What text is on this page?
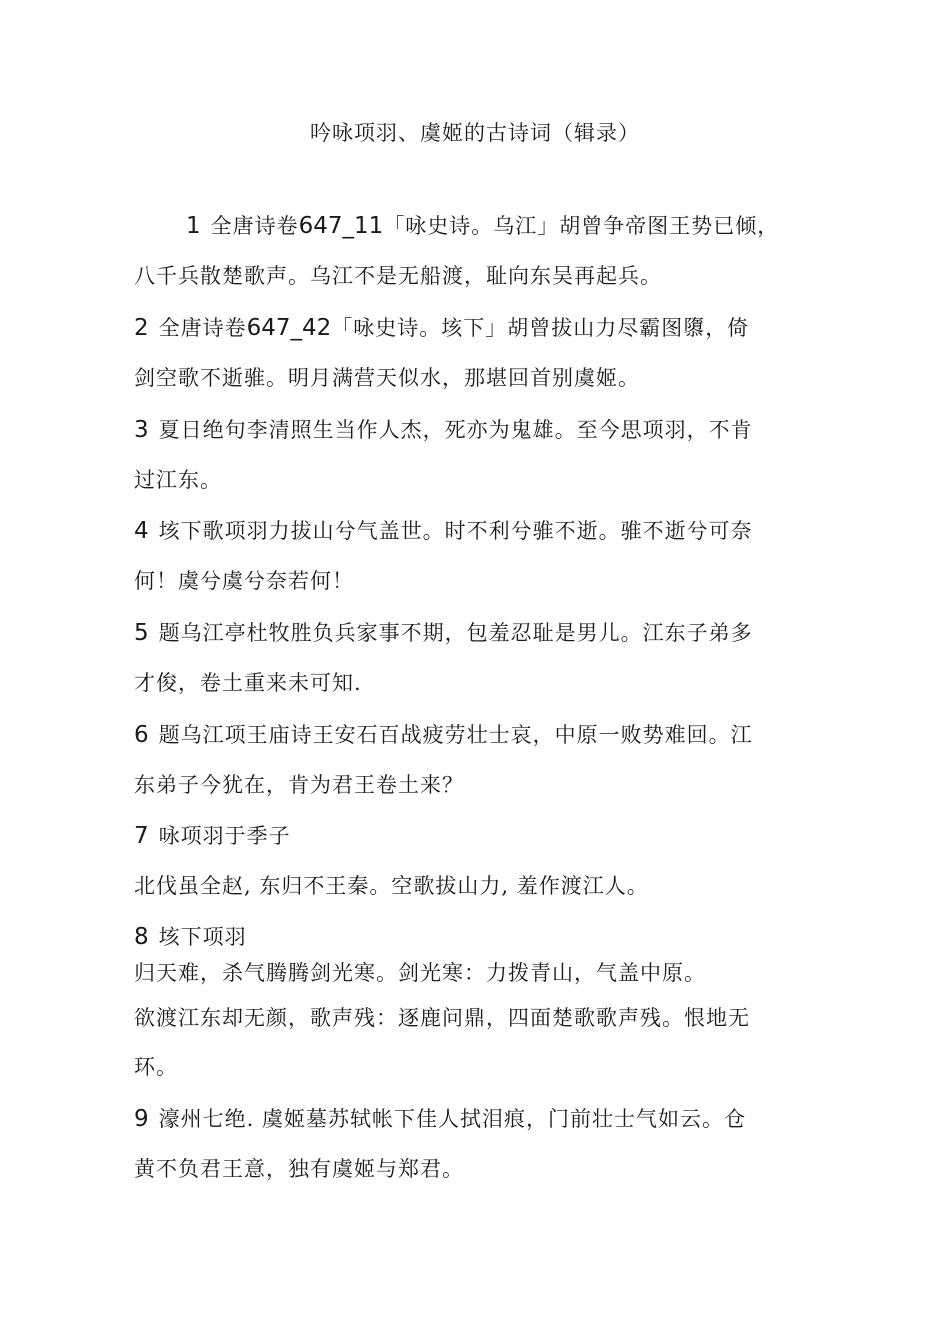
吟咏项羽、虞姬的古诗词（辑录）
1 全唐诗卷647_11「咏史诗。乌江」胡曾争帝图王势已倾，
八千兵散楚歌声。乌江不是无船渡，耻向东吴再起兵。
2 全唐诗卷647_42「咏史诗。垓下」胡曾拔山力尽霸图隳，倚
剑空歌不逝骓。明月满营天似水，那堪回首别虞姬。
3 夏日绝句李清照生当作人杰，死亦为鬼雄。至今思项羽，不肯
过江东。
4 垓下歌项羽力拔山兮气盖世。时不利兮骓不逝。骓不逝兮可奈
何！虞兮虞兮奈若何！
5 题乌江亭杜牧胜负兵家事不期，包羞忍耻是男儿。江东子弟多
才俊，卷土重来未可知.
6 题乌江项王庙诗王安石百战疲劳壮士哀，中原一败势难回。江
东弟子今犹在，肯为君王卷土来？
7 咏项羽于季子
北伐虽全赵, 东归不王秦。空歌拔山力, 羞作渡江人。
8 垓下项羽
归天难，杀气腾腾剑光寒。剑光寒：力拨青山，气盖中原。
欲渡江东却无颜，歌声残：逐鹿问鼎，四面楚歌歌声残。恨地无
环。
9 濠州七绝. 虞姬墓苏轼帐下佳人拭泪痕，门前壮士气如云。仓
黄不负君王意，独有虞姬与郑君。
